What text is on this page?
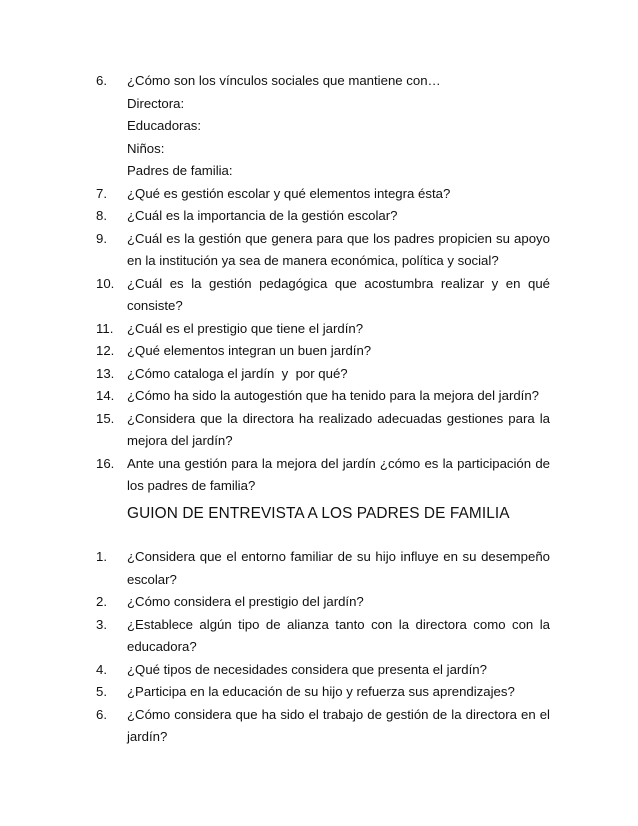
6. ¿Cómo son los vínculos sociales que mantiene con…
Directora:
Educadoras:
Niños:
Padres de familia:
7. ¿Qué es gestión escolar y qué elementos integra ésta?
8. ¿Cuál es la importancia de la gestión escolar?
9. ¿Cuál es la gestión que genera para que los padres propicien su apoyo en la institución ya sea de manera económica, política y social?
10. ¿Cuál es la gestión pedagógica que acostumbra realizar y en qué consiste?
11. ¿Cuál es el prestigio que tiene el jardín?
12. ¿Qué elementos integran un buen jardín?
13. ¿Cómo cataloga el jardín  y  por qué?
14. ¿Cómo ha sido la autogestión que ha tenido para la mejora del jardín?
15. ¿Considera que la directora ha realizado adecuadas gestiones para la mejora del jardín?
16. Ante una gestión para la mejora del jardín ¿cómo es la participación de los padres de familia?
GUION DE ENTREVISTA A LOS PADRES DE FAMILIA
1. ¿Considera que el entorno familiar de su hijo influye en su desempeño escolar?
2. ¿Cómo considera el prestigio del jardín?
3. ¿Establece algún tipo de alianza tanto con la directora como con la educadora?
4. ¿Qué tipos de necesidades considera que presenta el jardín?
5. ¿Participa en la educación de su hijo y refuerza sus aprendizajes?
6. ¿Cómo considera que ha sido el trabajo de gestión de la directora en el jardín?
